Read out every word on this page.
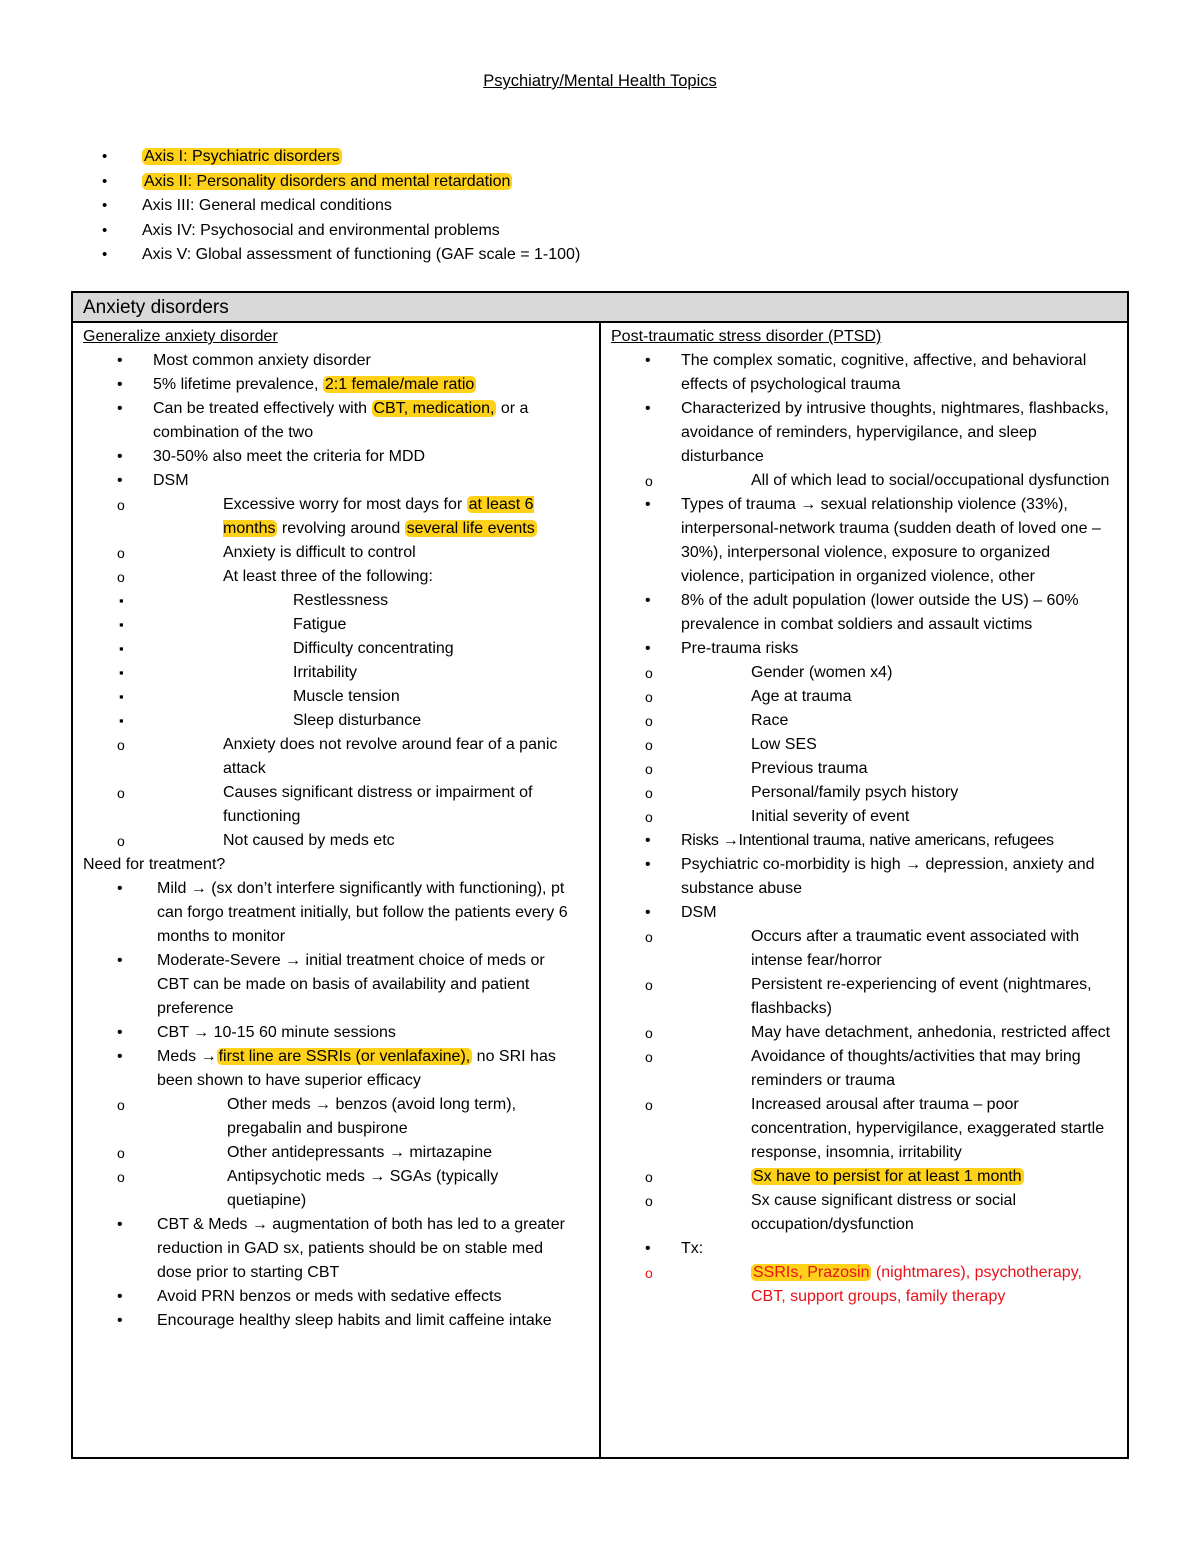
Psychiatry/Mental Health Topics
• Axis I: Psychiatric disorders
• Axis II: Personality disorders and mental retardation
• Axis III: General medical conditions
• Axis IV: Psychosocial and environmental problems
• Axis V: Global assessment of functioning (GAF scale = 1-100)
Anxiety disorders
Generalize anxiety disorder
• Most common anxiety disorder
• 5% lifetime prevalence, 2:1 female/male ratio
• Can be treated effectively with CBT, medication, or a combination of the two
• 30-50% also meet the criteria for MDD
• DSM
o Excessive worry for most days for at least 6 months revolving around several life events
o Anxiety is difficult to control
o At least three of the following:
▪ Restlessness
▪ Fatigue
▪ Difficulty concentrating
▪ Irritability
▪ Muscle tension
▪ Sleep disturbance
o Anxiety does not revolve around fear of a panic attack
o Causes significant distress or impairment of functioning
o Not caused by meds etc
Need for treatment?
• Mild → (sx don’t interfere significantly with functioning), pt can forgo treatment initially, but follow the patients every 6 months to monitor
• Moderate-Severe → initial treatment choice of meds or CBT can be made on basis of availability and patient preference
• CBT → 10-15 60 minute sessions
• Meds → first line are SSRIs (or venlafaxine), no SRI has been shown to have superior efficacy
o Other meds → benzos (avoid long term), pregabalin and buspirone
o Other antidepressants → mirtazapine
o Antipsychotic meds → SGAs (typically quetiapine)
• CBT & Meds → augmentation of both has led to a greater reduction in GAD sx, patients should be on stable med dose prior to starting CBT
• Avoid PRN benzos or meds with sedative effects
• Encourage healthy sleep habits and limit caffeine intake
Post-traumatic stress disorder (PTSD)
• The complex somatic, cognitive, affective, and behavioral effects of psychological trauma
• Characterized by intrusive thoughts, nightmares, flashbacks, avoidance of reminders, hypervigilance, and sleep disturbance
o All of which lead to social/occupational dysfunction
• Types of trauma → sexual relationship violence (33%), interpersonal-network trauma (sudden death of loved one – 30%), interpersonal violence, exposure to organized violence, participation in organized violence, other
• 8% of the adult population (lower outside the US) – 60% prevalence in combat soldiers and assault victims
• Pre-trauma risks
o Gender (women x4)
o Age at trauma
o Race
o Low SES
o Previous trauma
o Personal/family psych history
o Initial severity of event
• Risks →Intentional trauma, native americans, refugees
• Psychiatric co-morbidity is high → depression, anxiety and substance abuse
• DSM
o Occurs after a traumatic event associated with intense fear/horror
o Persistent re-experiencing of event (nightmares, flashbacks)
o May have detachment, anhedonia, restricted affect
o Avoidance of thoughts/activities that may bring reminders or trauma
o Increased arousal after trauma – poor concentration, hypervigilance, exaggerated startle response, insomnia, irritability
o Sx have to persist for at least 1 month
o Sx cause significant distress or social occupation/dysfunction
• Tx:
o SSRIs, Prazosin (nightmares), psychotherapy, CBT, support groups, family therapy
